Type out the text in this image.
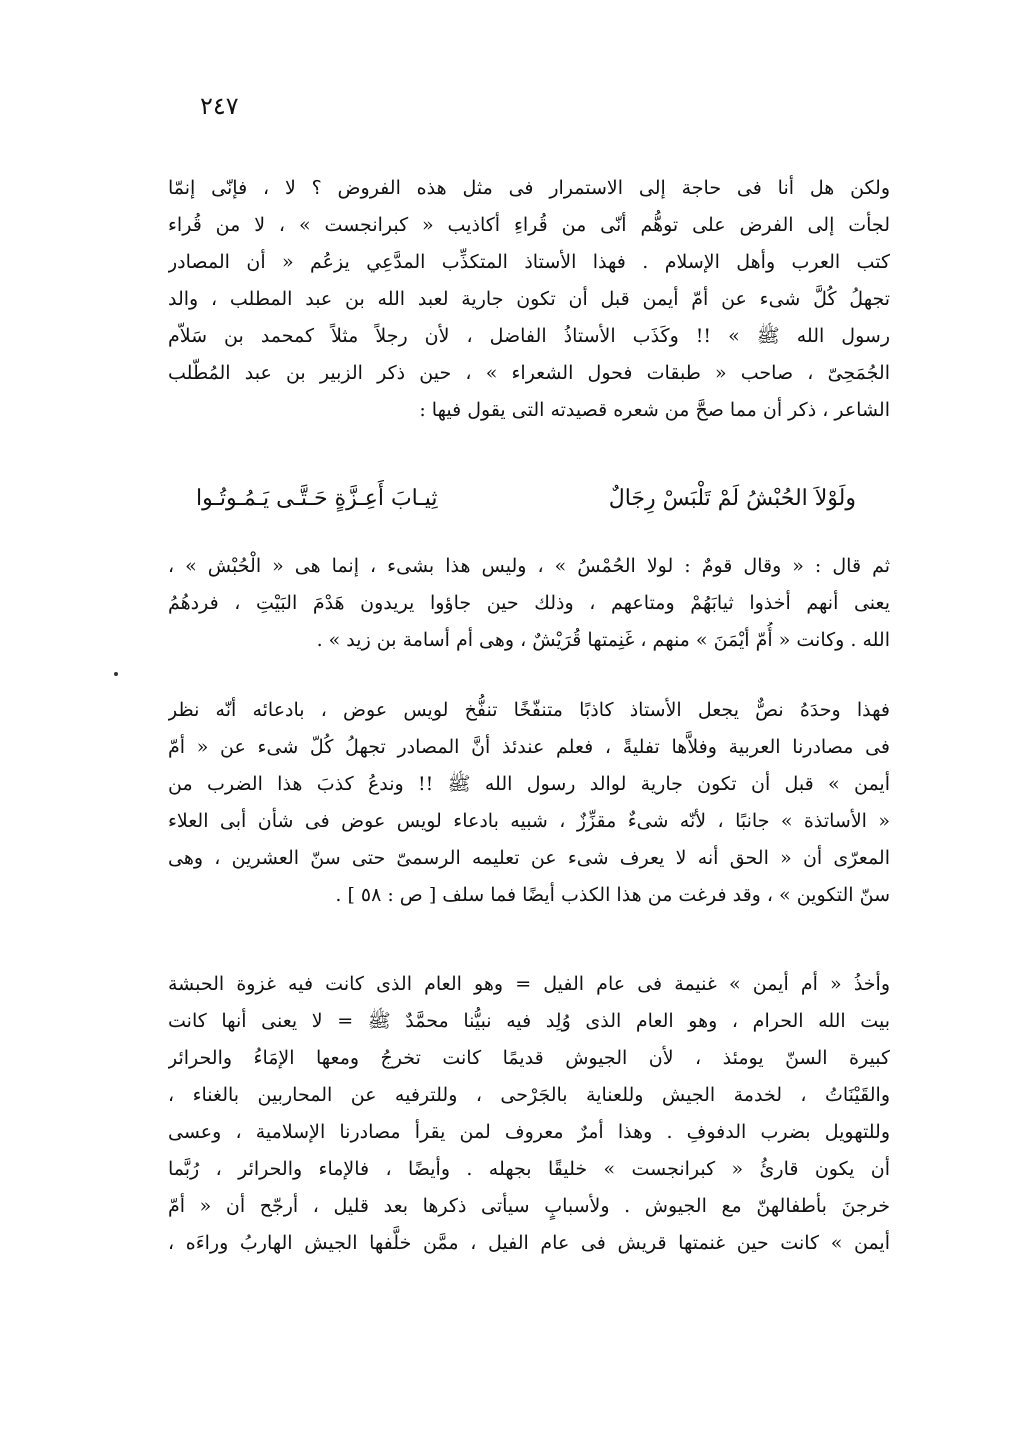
٢٤٧
ولكن هل أنا فى حاجة إلى الاستمرار فى مثل هذه الفروض ؟ لا ، فإنّى إنمّا
لجأت إلى الفرض على توهُّم أنّى من قُراءِ أكاذيب « كبرانجست » ، لا من قُراء
كتب العرب وأهل الإسلام . فهذا الأستاذ المتكذِّب المدَّعِي يزعُم « أن المصادر
تجهلُ كُلَّ شىء عن أمّ أيمن قبل أن تكون جارية لعبد الله بن عبد المطلب ، والد
رسول الله ﷺ » !! وكَذَب الأستاذُ الفاضل ، لأن رجلاً مثلاً كمحمد بن سَلاّم
الجُمَحِىّ ، صاحب « طبقات فحول الشعراء » ، حين ذكر الزبير بن عبد المُطّلب
الشاعر ، ذكر أن مما صحَّ من شعره قصيدته التى يقول فيها :
ولَوْلاَ الحُبْشُ لَمْ تَلْبَسْ رِجَالٌ
ثِيـابَ أَعِـزَّةٍ حَـتَّـى يَـمُـوتُـوا
ثم قال : « وقال قومٌ : لولا الحُمْسُ » ، وليس هذا بشىء ، إنما هى « الْحُبْش » ،
يعنى أنهم أخذوا ثيابَهُمْ ومتاعهم ، وذلك حين جاؤوا يريدون هَدْمَ البَيْتِ ، فردهُمُ
الله . وكانت « أُمّ أيْمَنَ » منهم ، غَنِمتها قُرَيْشٌ ، وهى أم أسامة بن زيد » .
فهذا وحدَهُ نصٌّ يجعل الأستاذ كاذبًا متنفّخًا تنفُّخ لويس عوض ، بادعائه أنّه نظر
فى مصادرنا العربية وفلاَّها تفليةً ، فعلم عندئذ أنَّ المصادر تجهلُ كُلّ شىء عن « أمّ
أيمن » قبل أن تكون جارية لوالد رسول الله ﷺ !! وندعُ كذبَ هذا الضرب من
« الأساتذة » جانبًا ، لأنّه شىءٌ مقزِّزٌ ، شبيه بادعاء لويس عوض فى شأن أبى العلاء
المعرّى أن « الحق أنه لا يعرف شىء عن تعليمه الرسمىّ حتى سنّ العشرين ، وهى
سنّ التكوين » ، وقد فرغت من هذا الكذب أيضًا فما سلف [ ص : ٥٨ ] .
وأخذُ « أم أيمن » غنيمة فى عام الفيل = وهو العام الذى كانت فيه غزوة الحبشة
بيت الله الحرام ، وهو العام الذى وُلِد فيه نبيُّنا محمَّدٌ ﷺ = لا يعنى أنها كانت
كبيرة السنّ يومئذ ، لأن الجيوش قديمًا كانت تخرجُ ومعها الإمَاءُ والحرائر
والقَيْنَاتُ ، لخدمة الجيش وللعناية بالجَرْحى ، وللترفيه عن المحاربين بالغناء ،
وللتهويل بضرب الدفوفِ . وهذا أمرٌ معروف لمن يقرأ مصادرنا الإسلامية ، وعسى
أن يكون قارئُ « كبرانجست » خليقًا بجهله . وأيضًا ، فالإماء والحرائر ، رُبَّما
خرجنَ بأطفالهنّ مع الجيوش . ولأسبابٍ سيأتى ذكرها بعد قليل ، أرجّح أن « أمّ
أيمن » كانت حين غنمتها قريش فى عام الفيل ، ممَّن خلَّفها الجيش الهاربُ وراءَه ،
